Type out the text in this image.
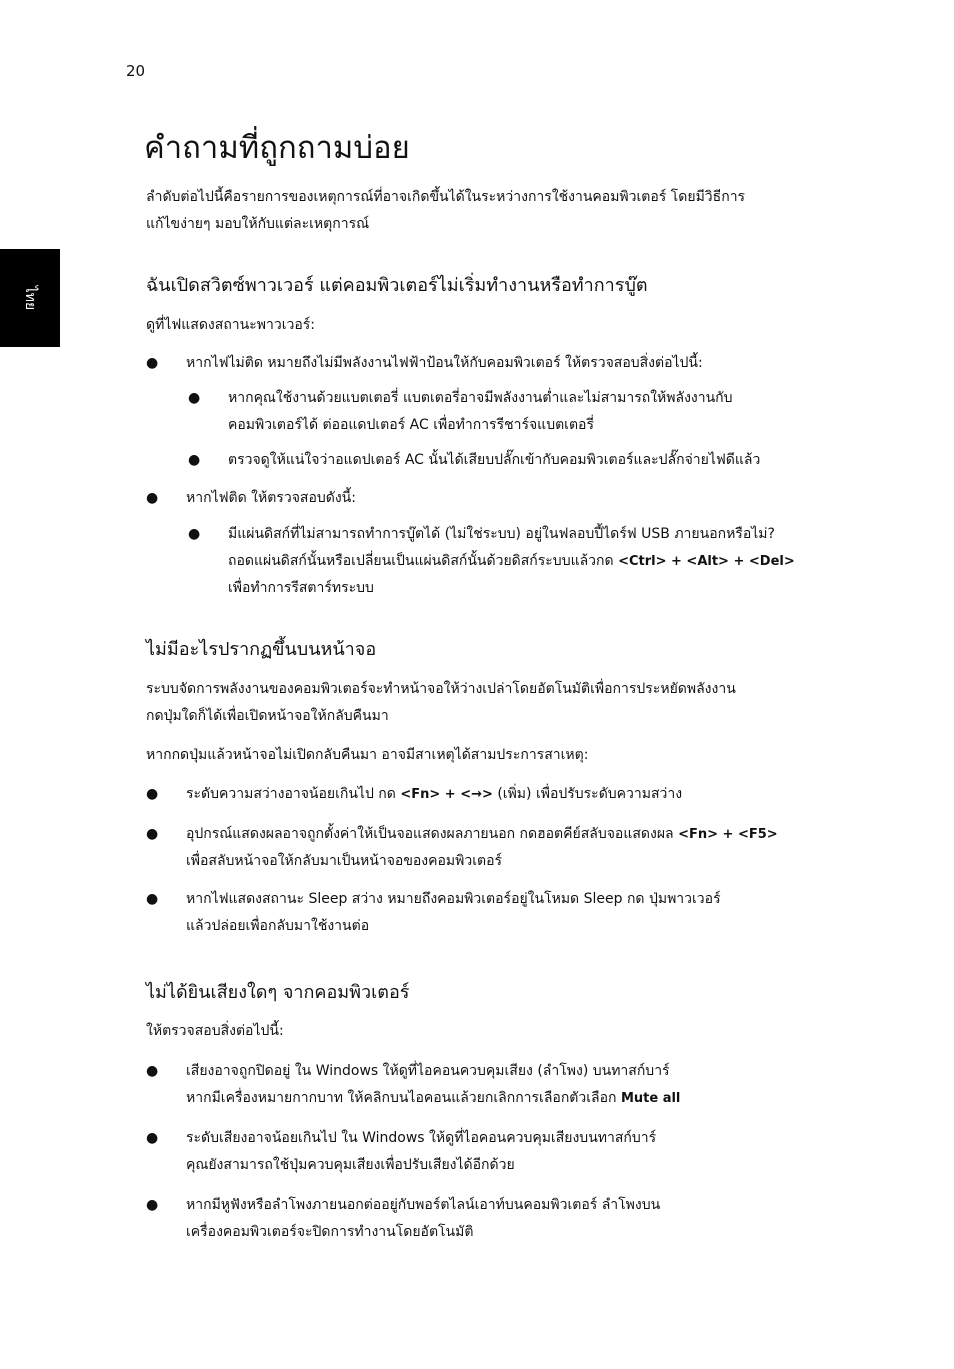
20
ไทย
คำถามที่ถูกถามบ่อย

ลำดับต่อไปนี้คือรายการของเหตุการณ์ที่อาจเกิดขึ้นได้ในระหว่างการใช้งานคอมพิวเตอร์ โดยมีวิธีการ

แก้ไขง่ายๆ มอบให้กับแต่ละเหตุการณ์

ฉันเปิดสวิตซ์พาวเวอร์ แต่คอมพิวเตอร์ไม่เริ่มทำงานหรือทำการบู๊ต

ดูที่ไฟแสดงสถานะพาวเวอร์:

● หากไฟไม่ติด หมายถึงไม่มีพลังงานไฟฟ้าป้อนให้กับคอมพิวเตอร์ ให้ตรวจสอบสิ่งต่อไปนี้:
● หากคุณใช้งานด้วยแบตเตอรี่ แบตเตอรี่อาจมีพลังงานต่ำและไม่สามารถให้พลังงานกับ
คอมพิวเตอร์ได้ ต่ออแดปเตอร์ AC เพื่อทำการรีชาร์จแบตเตอรี่
● ตรวจดูให้แน่ใจว่าอแดปเตอร์ AC นั้นได้เสียบปลั๊กเข้ากับคอมพิวเตอร์และปลั๊กจ่ายไฟดีแล้ว
● หากไฟติด ให้ตรวจสอบดังนี้:
● มีแผ่นดิสก์ที่ไม่สามารถทำการบู๊ตได้ (ไม่ใช่ระบบ) อยู่ในฟลอบปี้ไดร์ฟ USB ภายนอกหรือไม่?
ถอดแผ่นดิสก์นั้นหรือเปลี่ยนเป็นแผ่นดิสก์นั้นด้วยดิสก์ระบบแล้วกด <Ctrl> + <Alt> + <Del>
เพื่อทำการรีสตาร์ทระบบ
ไม่มีอะไรปรากฏขึ้นบนหน้าจอ

ระบบจัดการพลังงานของคอมพิวเตอร์จะทำหน้าจอให้ว่างเปล่าโดยอัตโนมัติเพื่อการประหยัดพลังงาน

กดปุ่มใดก็ได้เพื่อเปิดหน้าจอให้กลับคืนมา

หากกดปุ่มแล้วหน้าจอไม่เปิดกลับคืนมา อาจมีสาเหตุได้สามประการสาเหตุ:

● ระดับความสว่างอาจน้อยเกินไป กด <Fn> + <→> (เพิ่ม) เพื่อปรับระดับความสว่าง
● อุปกรณ์แสดงผลอาจถูกตั้งค่าให้เป็นจอแสดงผลภายนอก กดฮอตคีย์สลับจอแสดงผล <Fn> + <F5>
เพื่อสลับหน้าจอให้กลับมาเป็นหน้าจอของคอมพิวเตอร์
● หากไฟแสดงสถานะ Sleep สว่าง หมายถึงคอมพิวเตอร์อยู่ในโหมด Sleep กด ปุ่มพาวเวอร์
แล้วปล่อยเพื่อกลับมาใช้งานต่อ
ไม่ได้ยินเสียงใดๆ จากคอมพิวเตอร์

ให้ตรวจสอบสิ่งต่อไปนี้:

● เสียงอาจถูกปิดอยู่ ใน Windows ให้ดูที่ไอคอนควบคุมเสียง (ลำโพง) บนทาสก์บาร์
หากมีเครื่องหมายกากบาท ให้คลิกบนไอคอนแล้วยกเลิกการเลือกตัวเลือก Mute all
● ระดับเสียงอาจน้อยเกินไป ใน Windows ให้ดูที่ไอคอนควบคุมเสียงบนทาสก์บาร์
คุณยังสามารถใช้ปุ่มควบคุมเสียงเพื่อปรับเสียงได้อีกด้วย
● หากมีหูฟังหรือลำโพงภายนอกต่ออยู่กับพอร์ตไลน์เอาท์บนคอมพิวเตอร์ ลำโพงบน
เครื่องคอมพิวเตอร์จะปิดการทำงานโดยอัตโนมัติ
